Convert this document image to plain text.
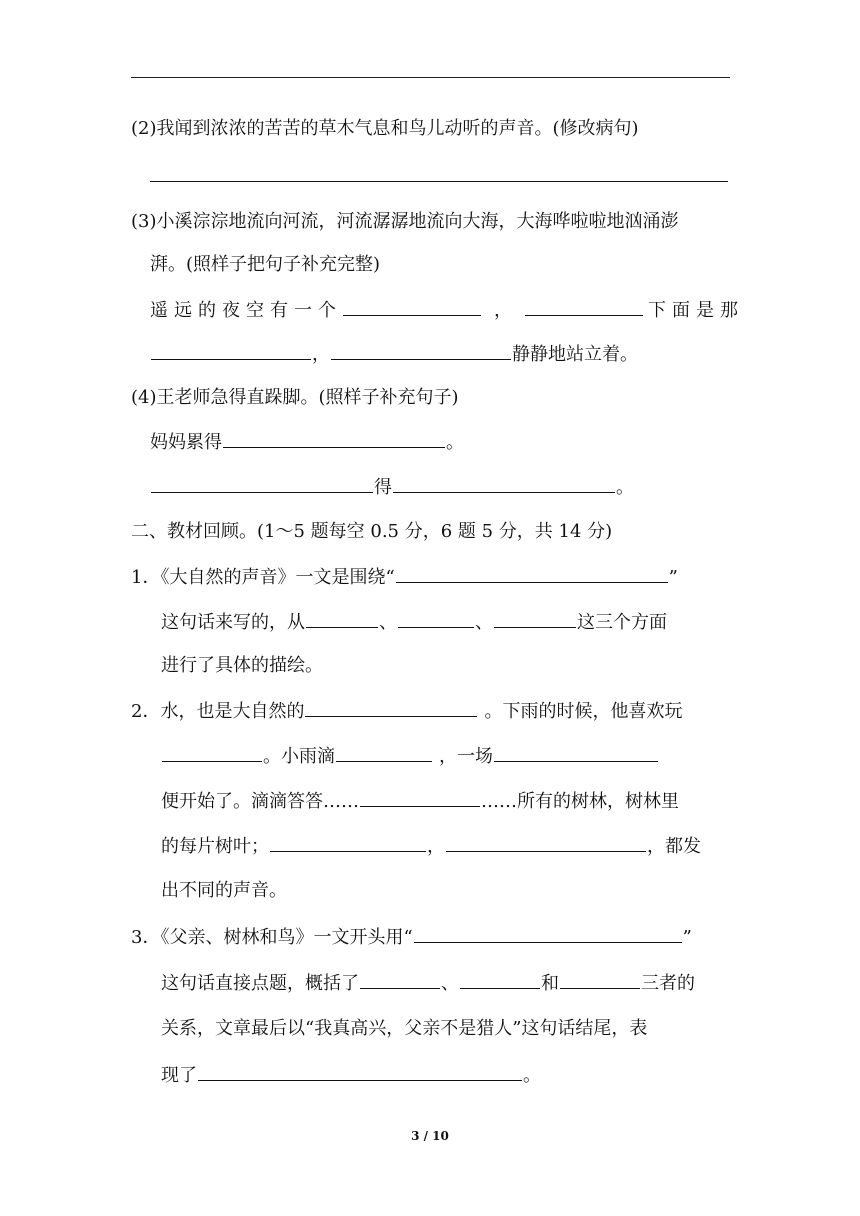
(2)我闻到浓浓的苦苦的草木气息和鸟儿动听的声音。(修改病句)
(3)小溪淙淙地流向河流，河流潺潺地流向大海，大海哗啦啦地汹涌澎
湃。(照样子把句子补充完整)
遥远的夜空有一个	，	下面是那
，	静静地站立着。
(4)王老师急得直跺脚。(照样子补充句子)
妈妈累得	。
得	。
二、教材回顾。(1～5 题每空 0.5 分，6 题 5 分，共 14 分)
1．《大自然的声音》一文是围绕“	”
这句话来写的，从	、	、	这三个方面
进行了具体的描绘。
2．水，也是大自然的	。下雨的时候，他喜欢玩
。小雨滴	，一场
便开始了。滴滴答答……	……所有的树林，树林里
的每片树叶；	，	，都发
出不同的声音。
3．《父亲、树林和鸟》一文开头用“	”
这句话直接点题，概括了	、	和	三者的
关系，文章最后以“我真高兴，父亲不是猎人”这句话结尾，表
现了	。
3 / 10
